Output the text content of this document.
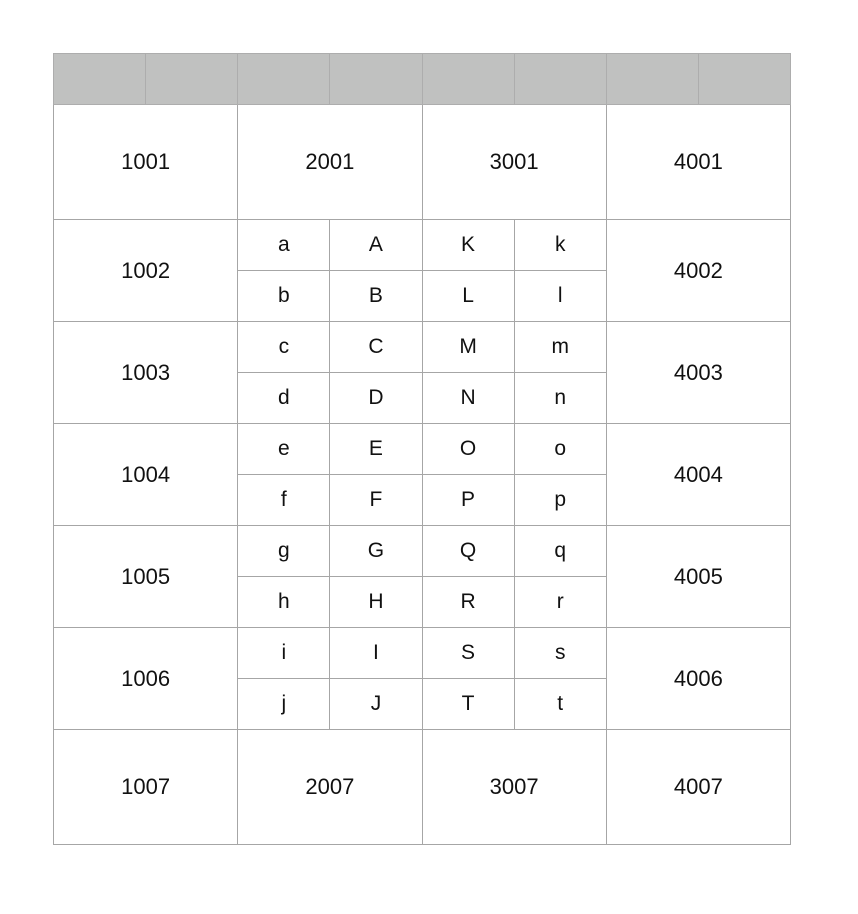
1001		2001		3001		4001	
1002		a	A	K	k	4002	
		b	B	L	l		
1003		c	C	M	m	4003	
		d	D	N	n		
1004		e	E	O	o	4004	
		f	F	P	p		
1005		g	G	Q	q	4005	
		h	H	R	r		
1006		i	I	S	s	4006	
		j	J	T	t		
1007		2007		3007		4007	
